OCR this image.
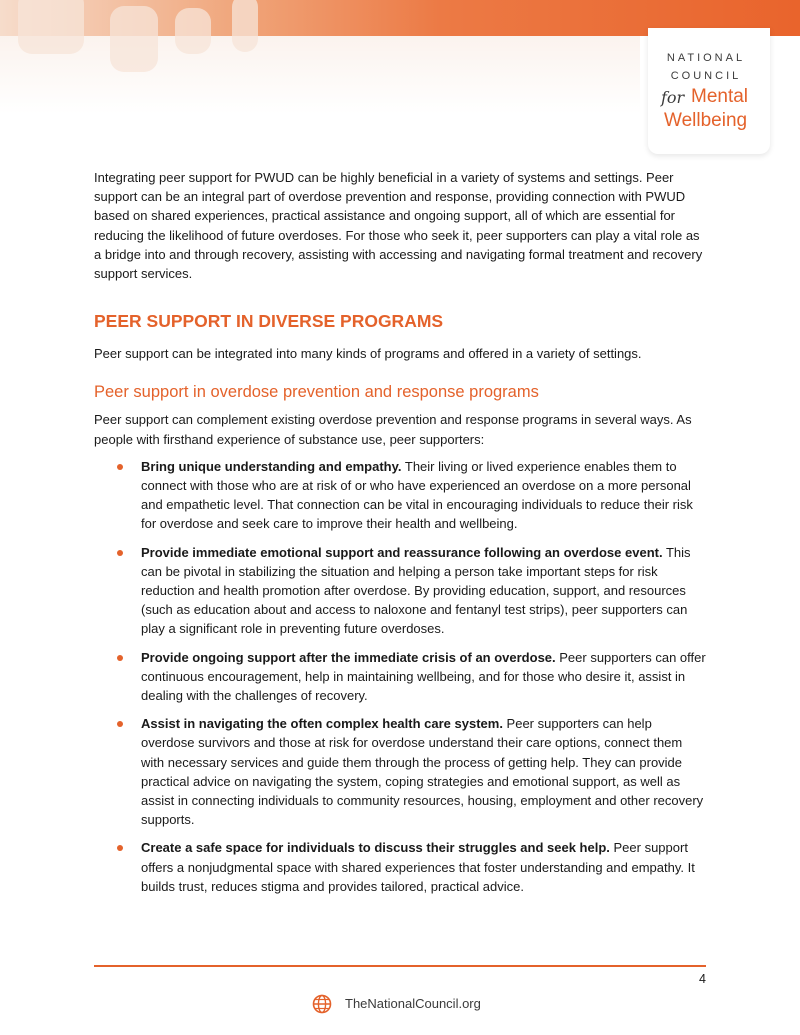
NATIONAL
COUNCIL
for Mental
Wellbeing

Integrating peer support for PWUD can be highly beneficial in a variety of systems and settings. Peer support can be an integral part of overdose prevention and response, providing connection with PWUD based on shared experiences, practical assistance and ongoing support, all of which are essential for reducing the likelihood of future overdoses. For those who seek it, peer supporters can play a vital role as a bridge into and through recovery, assisting with accessing and navigating formal treatment and recovery support services.

PEER SUPPORT IN DIVERSE PROGRAMS

Peer support can be integrated into many kinds of programs and offered in a variety of settings.

Peer support in overdose prevention and response programs

Peer support can complement existing overdose prevention and response programs in several ways. As people with firsthand experience of substance use, peer supporters:

Bring unique understanding and empathy. Their living or lived experience enables them to connect with those who are at risk of or who have experienced an overdose on a more personal and empathetic level. That connection can be vital in encouraging individuals to reduce their risk for overdose and seek care to improve their health and wellbeing.
Provide immediate emotional support and reassurance following an overdose event. This can be pivotal in stabilizing the situation and helping a person take important steps for risk reduction and health promotion after overdose. By providing education, support, and resources (such as education about and access to naloxone and fentanyl test strips), peer supporters can play a significant role in preventing future overdoses.
Provide ongoing support after the immediate crisis of an overdose. Peer supporters can offer continuous encouragement, help in maintaining wellbeing, and for those who desire it, assist in dealing with the challenges of recovery.
Assist in navigating the often complex health care system. Peer supporters can help overdose survivors and those at risk for overdose understand their care options, connect them with necessary services and guide them through the process of getting help. They can provide practical advice on navigating the system, coping strategies and emotional support, as well as assist in connecting individuals to community resources, housing, employment and other recovery supports.
Create a safe space for individuals to discuss their struggles and seek help. Peer support offers a nonjudgmental space with shared experiences that foster understanding and empathy. It builds trust, reduces stigma and provides tailored, practical advice.
4
TheNationalCouncil.org
